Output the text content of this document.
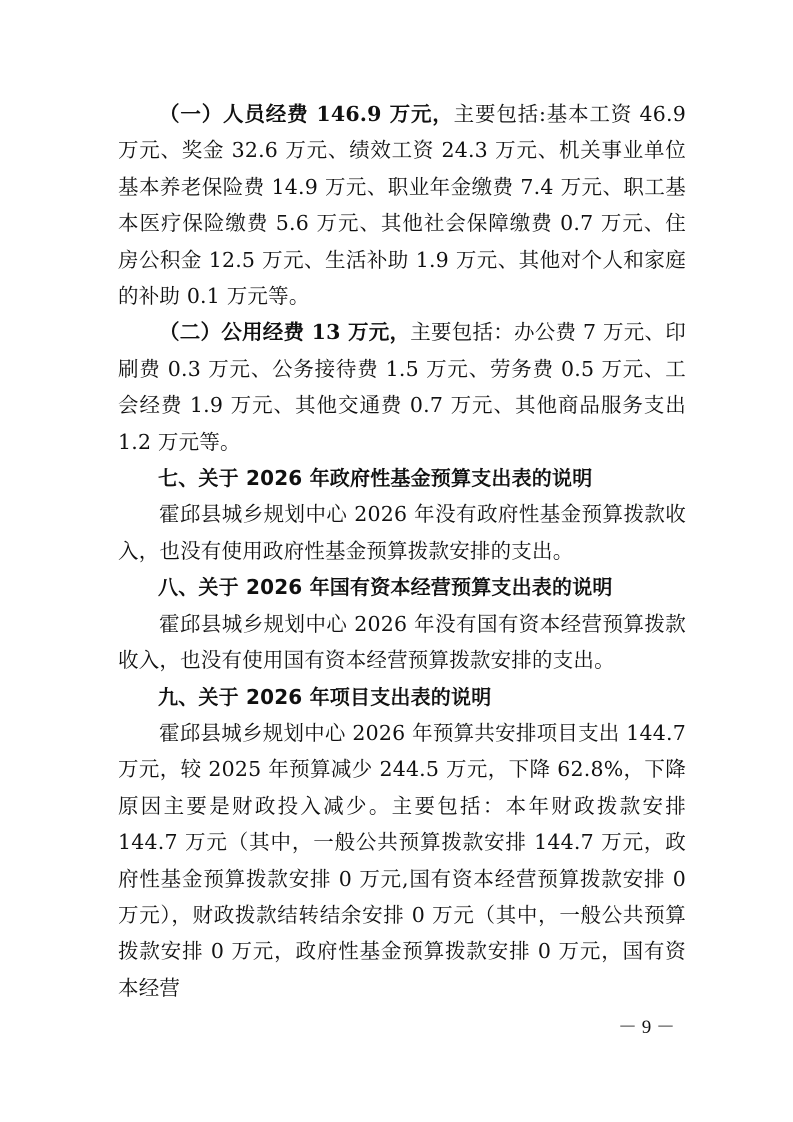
（一）人员经费 146.9 万元，主要包括:基本工资 46.9 万元、奖金 32.6 万元、绩效工资 24.3 万元、机关事业单位基本养老保险费 14.9 万元、职业年金缴费 7.4 万元、职工基本医疗保险缴费 5.6 万元、其他社会保障缴费 0.7 万元、住房公积金 12.5 万元、生活补助 1.9 万元、其他对个人和家庭的补助 0.1 万元等。

（二）公用经费 13 万元，主要包括：办公费 7 万元、印刷费 0.3 万元、公务接待费 1.5 万元、劳务费 0.5 万元、工会经费 1.9 万元、其他交通费 0.7 万元、其他商品服务支出 1.2 万元等。

七、关于 2026 年政府性基金预算支出表的说明

霍邱县城乡规划中心 2026 年没有政府性基金预算拨款收入，也没有使用政府性基金预算拨款安排的支出。

八、关于 2026 年国有资本经营预算支出表的说明

霍邱县城乡规划中心 2026 年没有国有资本经营预算拨款收入，也没有使用国有资本经营预算拨款安排的支出。

九、关于 2026 年项目支出表的说明

霍邱县城乡规划中心 2026 年预算共安排项目支出 144.7 万元，较 2025 年预算减少 244.5 万元，下降 62.8%，下降原因主要是财政投入减少。主要包括：本年财政拨款安排 144.7 万元（其中，一般公共预算拨款安排 144.7 万元，政府性基金预算拨款安排 0 万元,国有资本经营预算拨款安排 0 万元），财政拨款结转结余安排 0 万元（其中，一般公共预算拨款安排 0 万元，政府性基金预算拨款安排 0 万元，国有资本经营

－ 9 －
